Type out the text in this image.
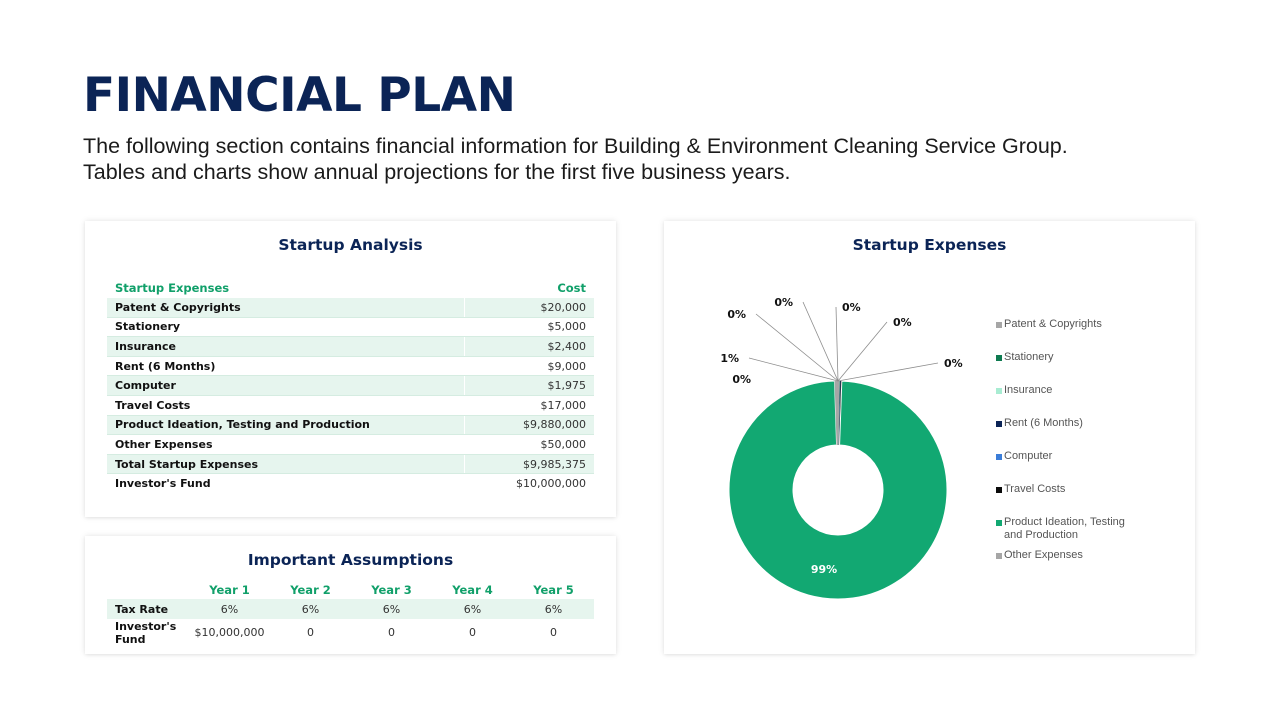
FINANCIAL PLAN
The following section contains financial information for Building & Environment Cleaning Service Group.
Tables and charts show annual projections for the first five business years.
Startup Analysis
Startup Expenses	Cost
Patent & Copyrights	$20,000
Stationery	$5,000
Insurance	$2,400
Rent (6 Months)	$9,000
Computer	$1,975
Travel Costs	$17,000
Product Ideation, Testing and Production	$9,880,000
Other Expenses	$50,000
Total Startup Expenses	$9,985,375
Investor's Fund	$10,000,000
Important Assumptions
	Year 1	Year 2	Year 3	Year 4	Year 5
Tax Rate	6%	6%	6%	6%	6%
Investor's Fund	$10,000,000	0	0	0	0
0%
0%	0%
0%
0%
1%
0%
99%
Startup Expenses
Patent & Copyrights
Stationery
Insurance
Rent (6 Months)
Computer
Travel Costs
Product Ideation, Testing and Production
Other Expenses
